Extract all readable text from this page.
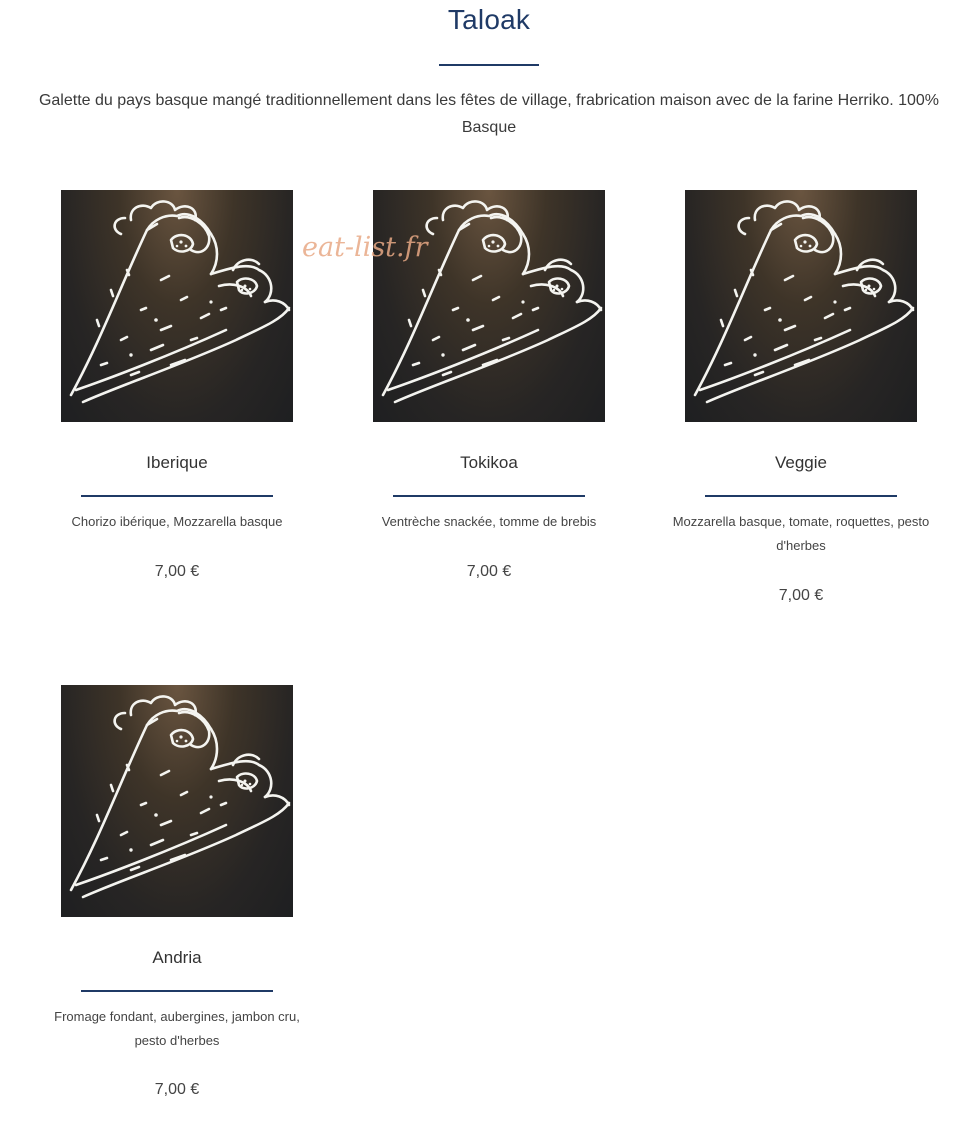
Taloak

Galette du pays basque mangé traditionnellement dans les fêtes de village, frabrication maison avec de la farine Herriko. 100% Basque

Iberique
Chorizo ibérique, Mozzarella basque
7,00 €
Tokikoa
Ventrèche snackée, tomme de brebis
7,00 €
Veggie
Mozzarella basque, tomate, roquettes, pesto d'herbes
7,00 €
Andria
Fromage fondant, aubergines, jambon cru, pesto d'herbes
7,00 €
eat-list.fr
